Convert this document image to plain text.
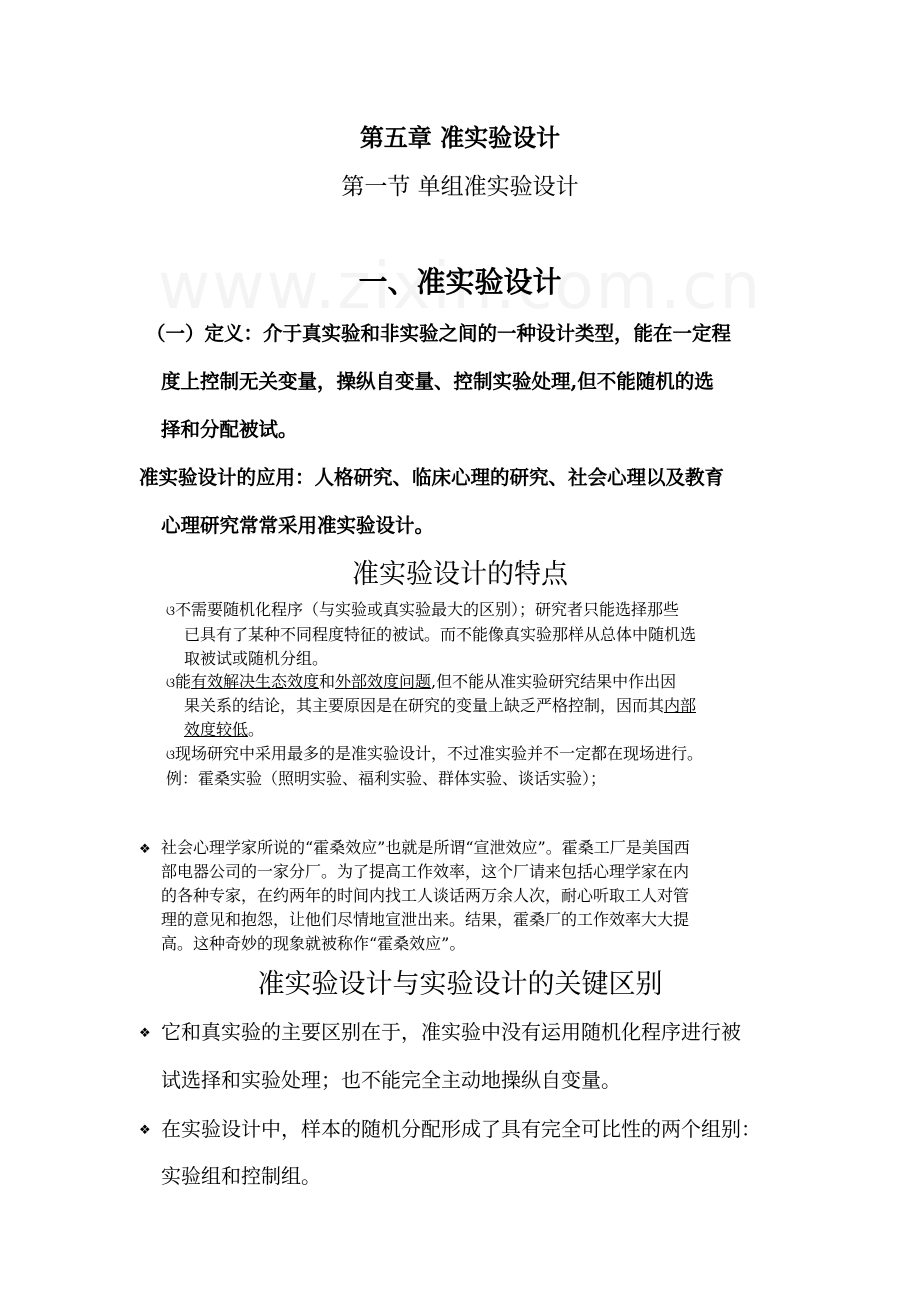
第五章 准实验设计
第一节 单组准实验设计
一、准实验设计
（一）定义：介于真实验和非实验之间的一种设计类型，能在一定程
度上控制无关变量，操纵自变量、控制实验处理,但不能随机的选
择和分配被试。
准实验设计的应用：人格研究、临床心理的研究、社会心理以及教育
心理研究常常采用准实验设计。
准实验设计的特点
ଓ不需要随机化程序（与实验或真实验最大的区别）；研究者只能选择那些
已具有了某种不同程度特征的被试。而不能像真实验那样从总体中随机选
取被试或随机分组。
ଓ能有效解决生态效度和外部效度问题,但不能从准实验研究结果中作出因
果关系的结论，其主要原因是在研究的变量上缺乏严格控制，因而其内部
效度较低。
ଓ现场研究中采用最多的是准实验设计，不过准实验并不一定都在现场进行。
例：霍桑实验（照明实验、福利实验、群体实验、谈话实验）；
❖ 社会心理学家所说的“霍桑效应”也就是所谓“宣泄效应”。霍桑工厂是美国西
部电器公司的一家分厂。为了提高工作效率，这个厂请来包括心理学家在内
的各种专家，在约两年的时间内找工人谈话两万余人次，耐心听取工人对管
理的意见和抱怨，让他们尽情地宣泄出来。结果，霍桑厂的工作效率大大提
高。这种奇妙的现象就被称作“霍桑效应”。
准实验设计与实验设计的关键区别
❖ 它和真实验的主要区别在于，准实验中没有运用随机化程序进行被
试选择和实验处理；也不能完全主动地操纵自变量。
❖ 在实验设计中，样本的随机分配形成了具有完全可比性的两个组别：
实验组和控制组。
